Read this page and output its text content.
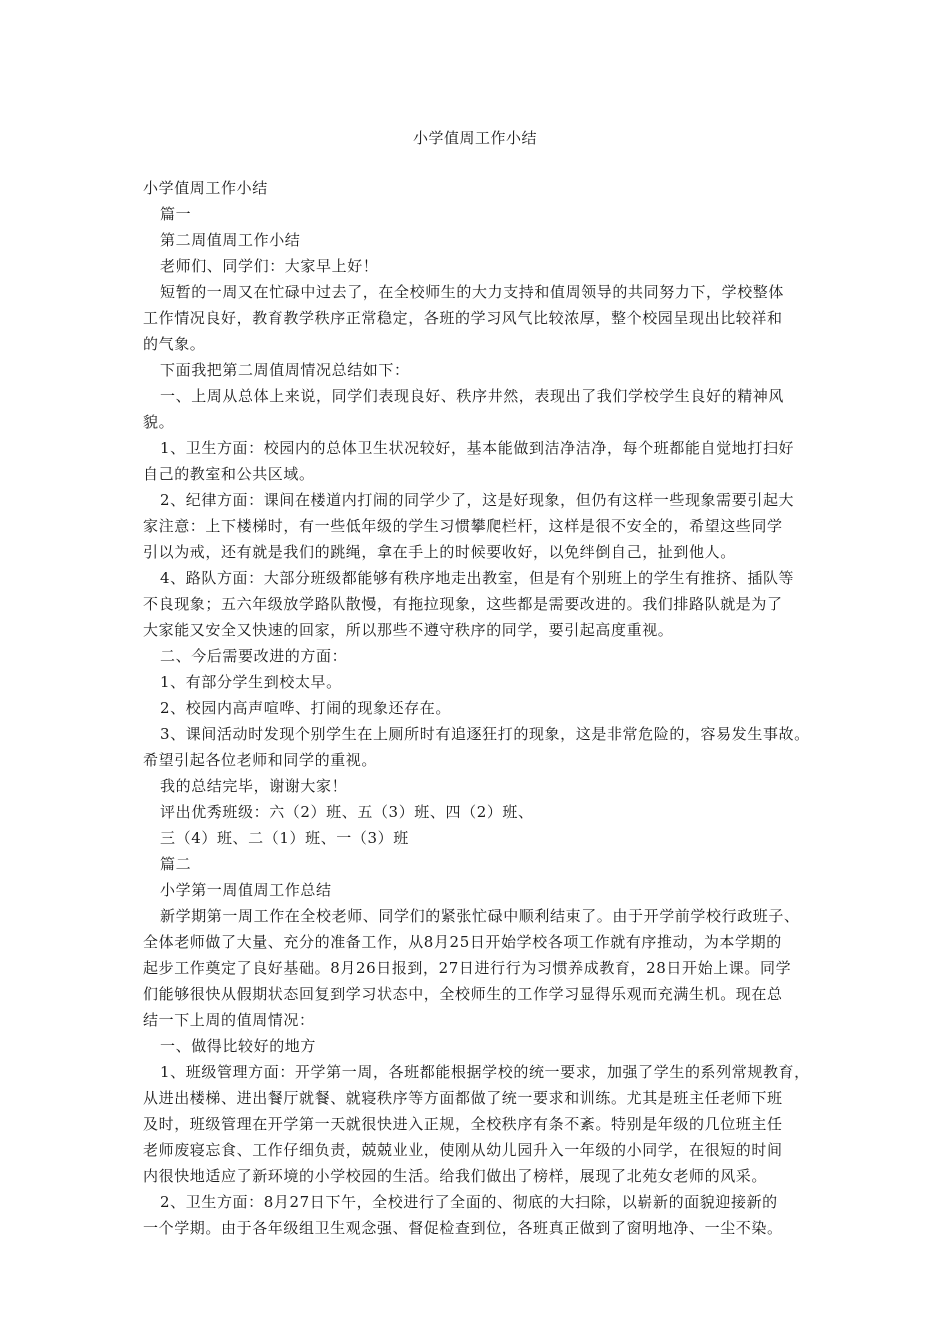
小学值周工作小结
小学值周工作小结
篇一
第二周值周工作小结
老师们、同学们：大家早上好！
短暂的一周又在忙碌中过去了，在全校师生的大力支持和值周领导的共同努力下，学校整体
工作情况良好，教育教学秩序正常稳定，各班的学习风气比较浓厚，整个校园呈现出比较祥和
的气象。
下面我把第二周值周情况总结如下：
一、上周从总体上来说，同学们表现良好、秩序井然，表现出了我们学校学生良好的精神风
貌。
1、卫生方面：校园内的总体卫生状况较好，基本能做到洁净洁净，每个班都能自觉地打扫好
自己的教室和公共区域。
2、纪律方面：课间在楼道内打闹的同学少了，这是好现象，但仍有这样一些现象需要引起大
家注意：上下楼梯时，有一些低年级的学生习惯攀爬栏杆，这样是很不安全的，希望这些同学
引以为戒，还有就是我们的跳绳，拿在手上的时候要收好，以免绊倒自己，扯到他人。
4、路队方面：大部分班级都能够有秩序地走出教室，但是有个别班上的学生有推挤、插队等
不良现象；五六年级放学路队散慢，有拖拉现象，这些都是需要改进的。我们排路队就是为了
大家能又安全又快速的回家，所以那些不遵守秩序的同学，要引起高度重视。
二、今后需要改进的方面：
1、有部分学生到校太早。
2、校园内高声喧哗、打闹的现象还存在。
3、课间活动时发现个别学生在上厕所时有追逐狂打的现象，这是非常危险的，容易发生事故。
希望引起各位老师和同学的重视。
我的总结完毕，谢谢大家！
评出优秀班级：六（2）班、五（3）班、四（2）班、
三（4）班、二（1）班、一（3）班
篇二
小学第一周值周工作总结
新学期第一周工作在全校老师、同学们的紧张忙碌中顺利结束了。由于开学前学校行政班子、
全体老师做了大量、充分的准备工作，从8月25日开始学校各项工作就有序推动，为本学期的
起步工作奠定了良好基础。8月26日报到，27日进行行为习惯养成教育，28日开始上课。同学
们能够很快从假期状态回复到学习状态中，全校师生的工作学习显得乐观而充满生机。现在总
结一下上周的值周情况：
一、做得比较好的地方
1、班级管理方面：开学第一周，各班都能根据学校的统一要求，加强了学生的系列常规教育，
从进出楼梯、进出餐厅就餐、就寝秩序等方面都做了统一要求和训练。尤其是班主任老师下班
及时，班级管理在开学第一天就很快进入正规，全校秩序有条不紊。特别是年级的几位班主任
老师废寝忘食、工作仔细负责，兢兢业业，使刚从幼儿园升入一年级的小同学，在很短的时间
内很快地适应了新环境的小学校园的生活。给我们做出了榜样，展现了北苑女老师的风采。
2、卫生方面：8月27日下午，全校进行了全面的、彻底的大扫除，以崭新的面貌迎接新的
一个学期。由于各年级组卫生观念强、督促检查到位，各班真正做到了窗明地净、一尘不染。
